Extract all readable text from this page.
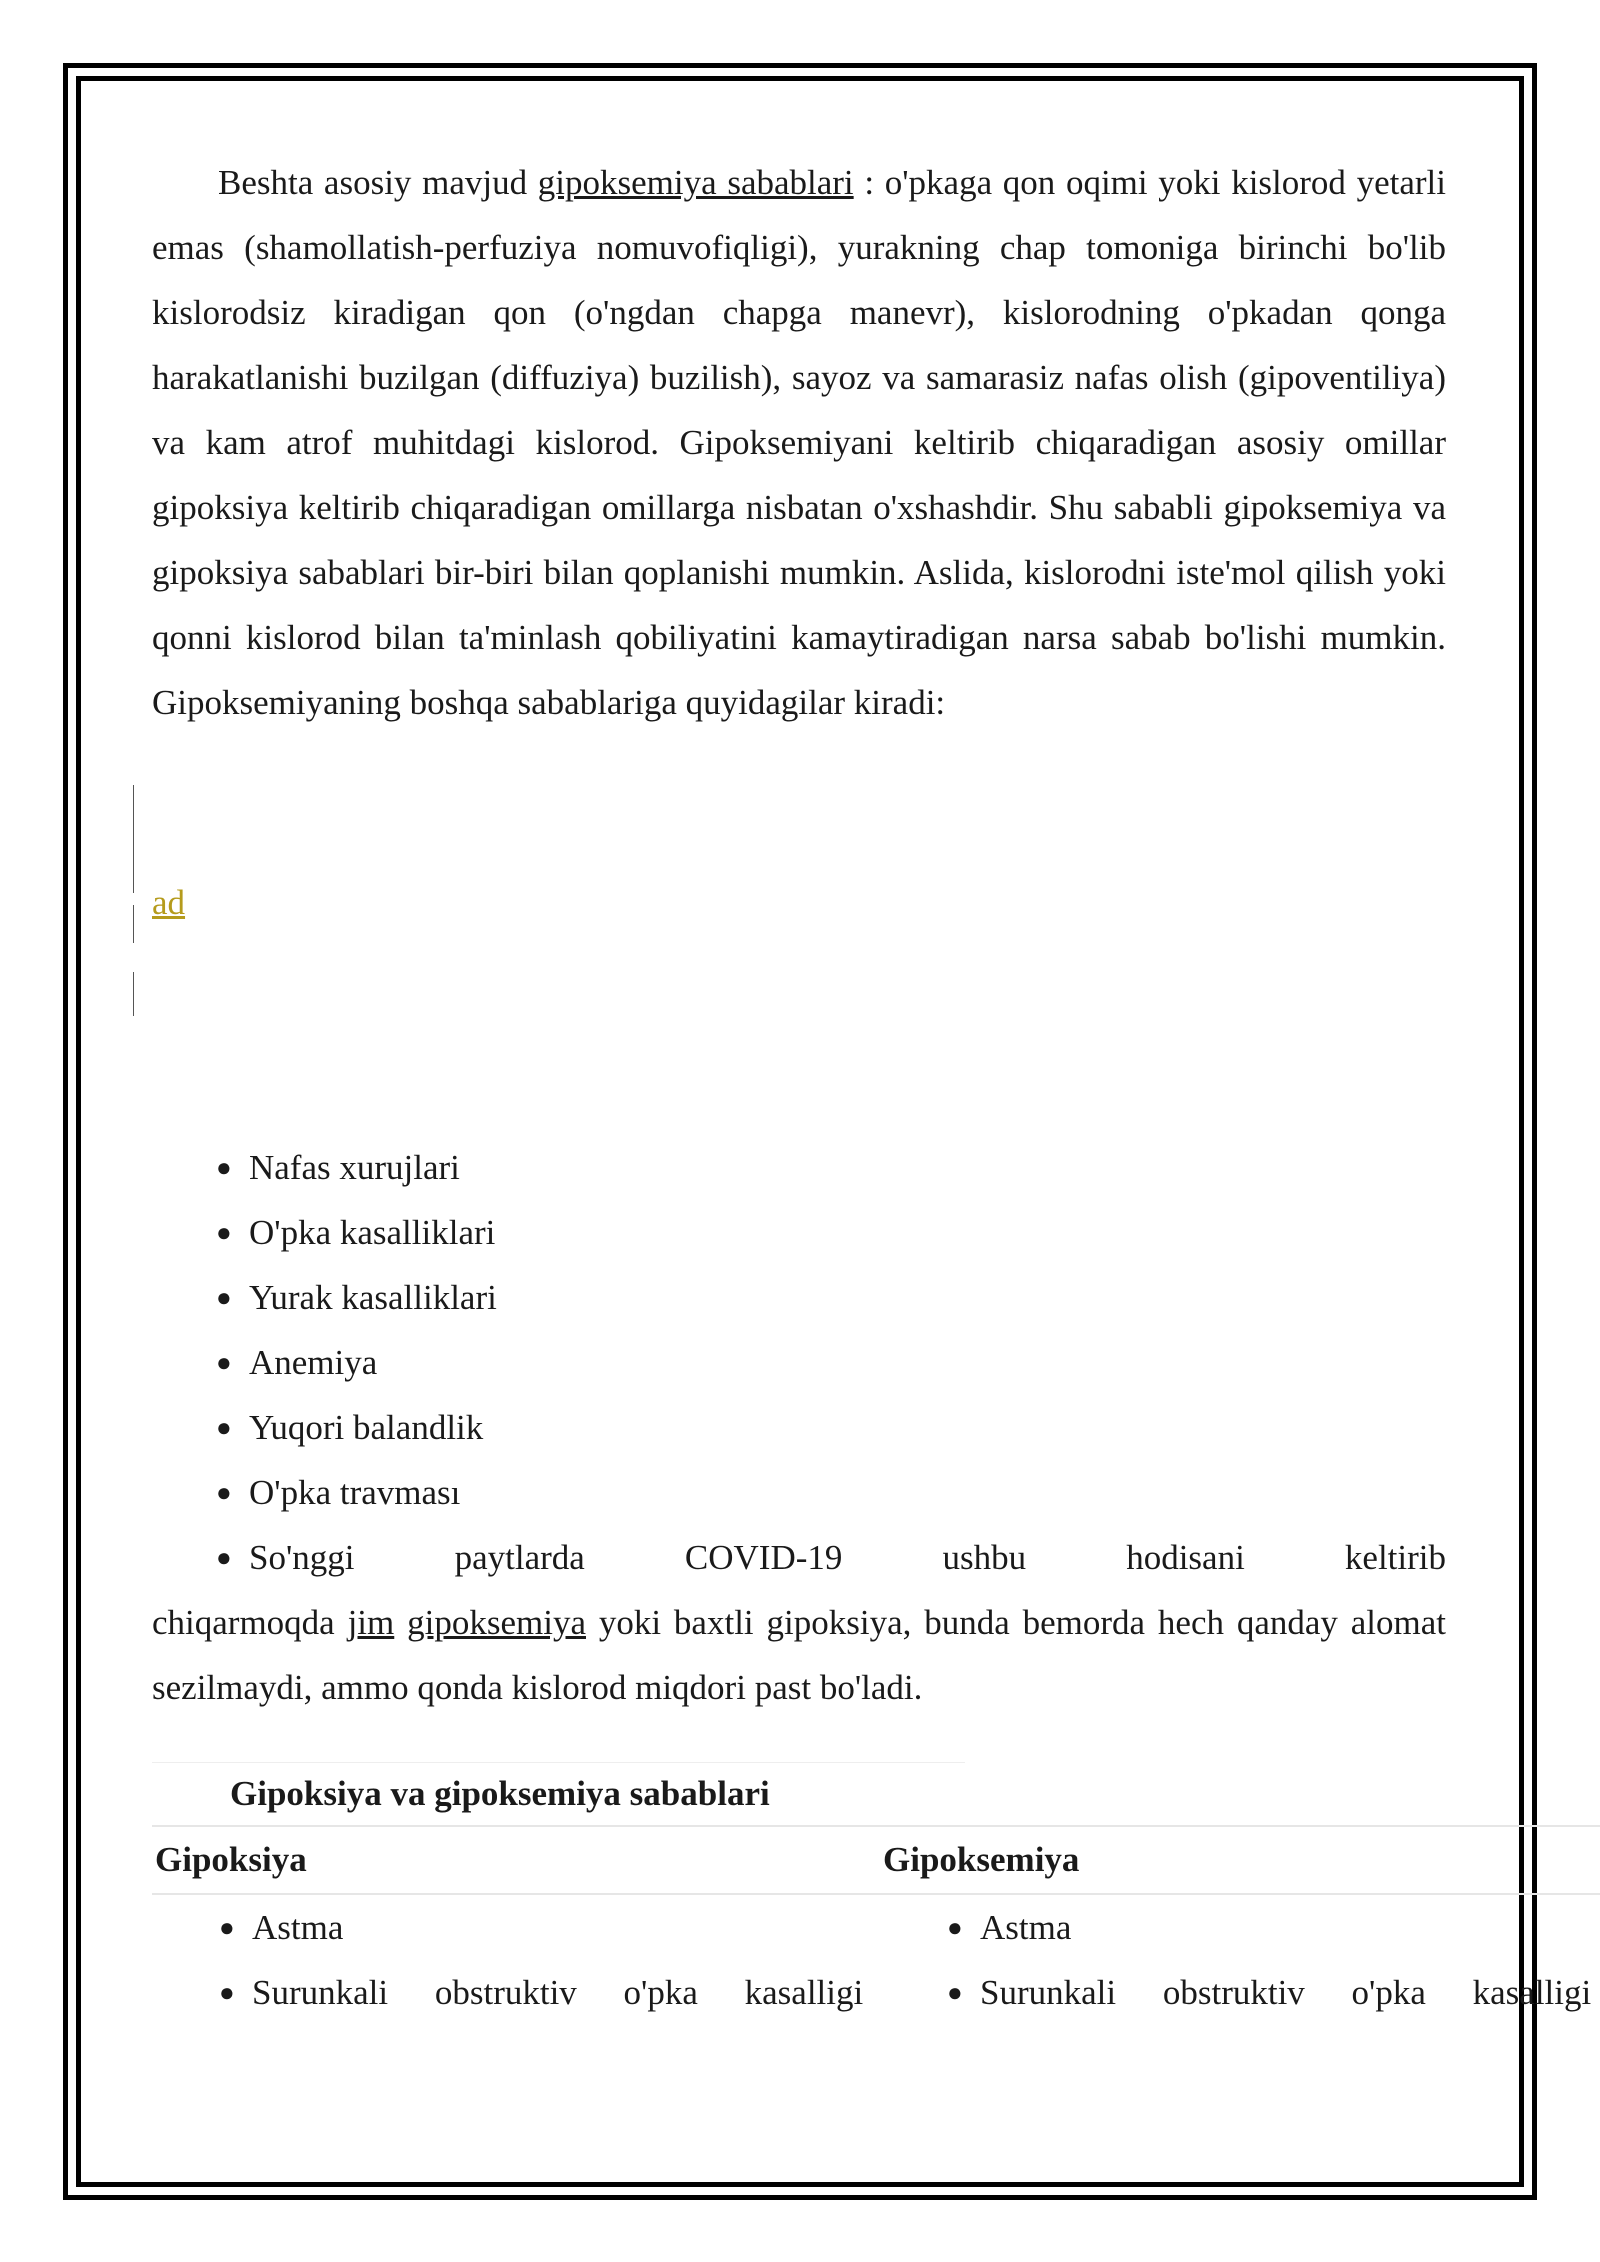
Beshta asosiy mavjud gipoksemiya sabablari : o'pkaga qon oqimi yoki kislorod yetarli emas (shamollatish-perfuziya nomuvofiqligi), yurakning chap tomoniga birinchi bo'lib kislorodsiz kiradigan qon (o'ngdan chapga manevr), kislorodning o'pkadan qonga harakatlanishi buzilgan (diffuziya) buzilish), sayoz va samarasiz nafas olish (gipoventiliya) va kam atrof muhitdagi kislorod. Gipoksemiyani keltirib chiqaradigan asosiy omillar gipoksiya keltirib chiqaradigan omillarga nisbatan o'xshashdir. Shu sababli gipoksemiya va gipoksiya sabablari bir-biri bilan qoplanishi mumkin. Aslida, kislorodni iste'mol qilish yoki qonni kislorod bilan ta'minlash qobiliyatini kamaytiradigan narsa sabab bo'lishi mumkin. Gipoksemiyaning boshqa sabablariga quyidagilar kiradi:

ad
● Nafas xurujlari
● O'pka kasalliklari
● Yurak kasalliklari
● Anemiya
● Yuqori balandlik
● O'pka travması

● So'nggi paytlarda COVID-19 ushbu hodisani keltirib

chiqarmoqda jim gipoksemiya yoki baxtli gipoksiya, bunda bemorda hech qanday alomat sezilmaydi, ammo qonda kislorod miqdori past bo'ladi.

Gipoksiya va gipoksemiya sabablari
Gipoksiya	Gipoksemiya
● Astma
● Surunkali obstruktiv o'pka kasalligi
● Astma
● Surunkali obstruktiv o'pka kasalligi
